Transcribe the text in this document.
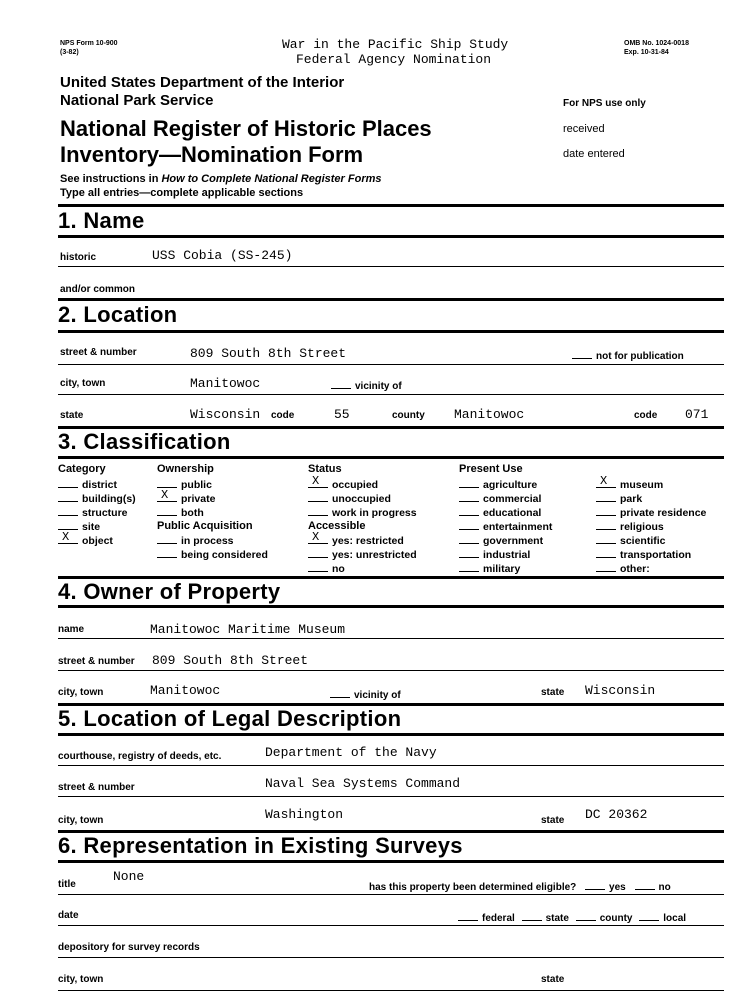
NPS Form 10-900
(3-82)
War in the Pacific Ship Study
Federal Agency Nomination
OMB No. 1024-0018
Exp. 10-31-84
United States Department of the Interior
National Park Service	For NPS use only
National Register of Historic Places
Inventory—Nomination Form
received
date entered
See instructions in How to Complete National Register Forms
Type all entries—complete applicable sections
1. Name
historic	USS Cobia (SS-245)
and/or common
2. Location
street & number	809 South 8th Street	not for publication
city, town	Manitowoc	vicinity of
state	Wisconsin code	55	county Manitowoc	code 071
3. Classification
Category
district
building(s)
structure
site
X object
Ownership
public
X private
both
Public Acquisition
in process
being considered
Status
X occupied
unoccupied
work in progress
Accessible
X yes: restricted
yes: unrestricted
no
Present Use
agriculture
commercial
educational
entertainment
government
industrial
military
X museum
park
private residence
religious
scientific
transportation
other:
4. Owner of Property
name	Manitowoc Maritime Museum
street & number 809 South 8th Street
city, town	Manitowoc	vicinity of	state Wisconsin
5. Location of Legal Description
courthouse, registry of deeds, etc.	Department of the Navy
street & number	Naval Sea Systems Command
city, town	Washington	state DC 20362
6. Representation in Existing Surveys
title
None
has this property been determined eligible?	yes	no
date	federal	state	county	local
depository for survey records
city, town	state
